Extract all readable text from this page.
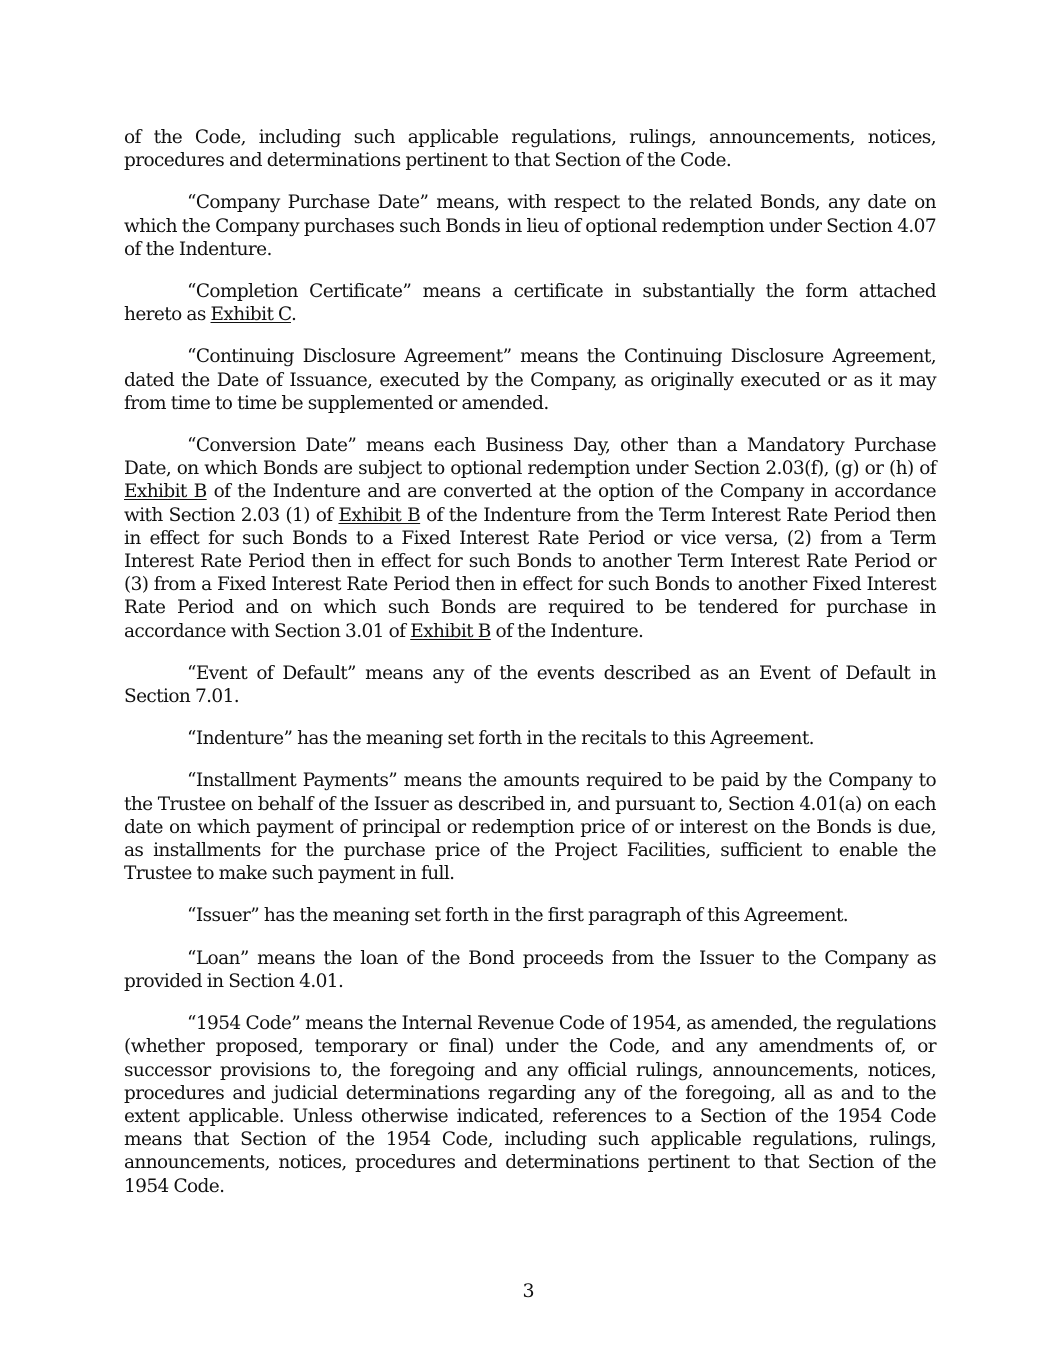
of the Code, including such applicable regulations, rulings, announcements, notices, procedures and determinations pertinent to that Section of the Code.

“Company Purchase Date” means, with respect to the related Bonds, any date on which the Company purchases such Bonds in lieu of optional redemption under Section 4.07 of the Indenture.

“Completion Certificate” means a certificate in substantially the form attached hereto as Exhibit C.

“Continuing Disclosure Agreement” means the Continuing Disclosure Agreement, dated the Date of Issuance, executed by the Company, as originally executed or as it may from time to time be supplemented or amended.

“Conversion Date” means each Business Day, other than a Mandatory Purchase Date, on which Bonds are subject to optional redemption under Section 2.03(f), (g) or (h) of Exhibit B of the Indenture and are converted at the option of the Company in accordance with Section 2.03 (1) of Exhibit B of the Indenture from the Term Interest Rate Period then in effect for such Bonds to a Fixed Interest Rate Period or vice versa, (2) from a Term Interest Rate Period then in effect for such Bonds to another Term Interest Rate Period or (3) from a Fixed Interest Rate Period then in effect for such Bonds to another Fixed Interest Rate Period and on which such Bonds are required to be tendered for purchase in accordance with Section 3.01 of Exhibit B of the Indenture.

“Event of Default” means any of the events described as an Event of Default in Section 7.01.

“Indenture” has the meaning set forth in the recitals to this Agreement.

“Installment Payments” means the amounts required to be paid by the Company to the Trustee on behalf of the Issuer as described in, and pursuant to, Section 4.01(a) on each date on which payment of principal or redemption price of or interest on the Bonds is due, as installments for the purchase price of the Project Facilities, sufficient to enable the Trustee to make such payment in full.

“Issuer” has the meaning set forth in the first paragraph of this Agreement.

“Loan” means the loan of the Bond proceeds from the Issuer to the Company as provided in Section 4.01.

“1954 Code” means the Internal Revenue Code of 1954, as amended, the regulations (whether proposed, temporary or final) under the Code, and any amendments of, or successor provisions to, the foregoing and any official rulings, announcements, notices, procedures and judicial determinations regarding any of the foregoing, all as and to the extent applicable. Unless otherwise indicated, references to a Section of the 1954 Code means that Section of the 1954 Code, including such applicable regulations, rulings, announcements, notices, procedures and determinations pertinent to that Section of the 1954 Code.

3
